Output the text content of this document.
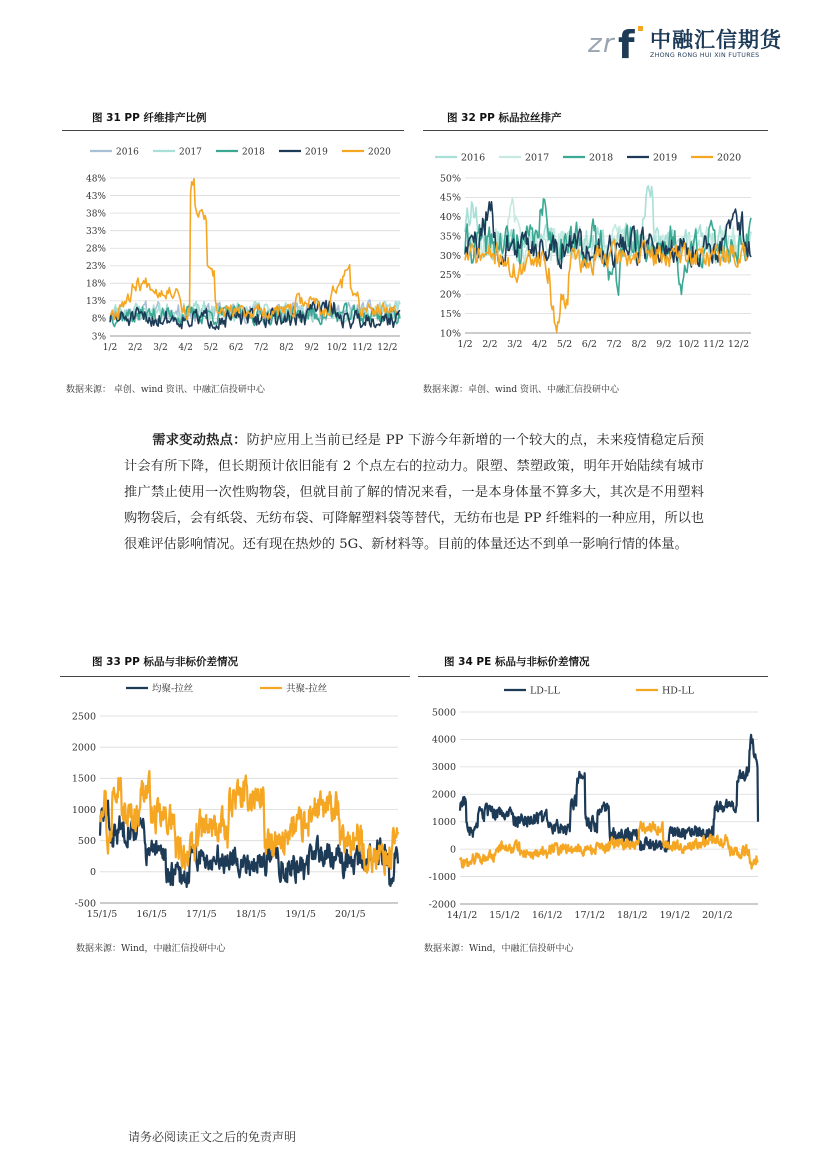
z r f 中融汇信期货
ZHONG RONG HUI XIN FUTURES
图 31 PP 纤维排产比例	图 32 PP 标品拉丝排产
2016	2017	2018	2019	2020
3%
8%
13%
18%
23%
28%
33%
38%
43%
48%
1/2 2/2 3/2 4/2 5/2 6/2 7/2 8/2 9/2 10/2 11/2 12/2
2016	2017	2018	2019	2020
10%
15%
20%
25%
30%
35%
40%
45%
50%
1/2 2/2 3/2 4/2 5/2 6/2 7/2 8/2 9/2 10/2 11/2 12/2
数据来源： 卓创、wind 资讯、中融汇信投研中心	数据来源：卓创、wind 资讯、中融汇信投研中心
需求变动热点：防护应用上当前已经是 PP 下游今年新增的一个较大的点，未来疫情稳定后预计会有所下降，但长期预计依旧能有 2 个点左右的拉动力。限塑、禁塑政策，明年开始陆续有城市推广禁止使用一次性购物袋，但就目前了解的情况来看，一是本身体量不算多大，其次是不用塑料购物袋后，会有纸袋、无纺布袋、可降解塑料袋等替代，无纺布也是 PP 纤维料的一种应用，所以也很难评估影响情况。还有现在热炒的 5G、新材料等。目前的体量还达不到单一影响行情的体量。
图 33 PP 标品与非标价差情况	图 34 PE 标品与非标价差情况
均聚-拉丝	共聚-拉丝
-500
0
500
1000
1500
2000
2500
15/1/5 16/1/5 17/1/5 18/1/5 19/1/5 20/1/5
LD-LL	HD-LL
-2000
-1000
0
1000
2000
3000
4000
5000
14/1/2 15/1/2 16/1/2 17/1/2 18/1/2 19/1/2 20/1/2
数据来源：Wind，中融汇信投研中心	数据来源：Wind，中融汇信投研中心
请务必阅读正文之后的免责声明
